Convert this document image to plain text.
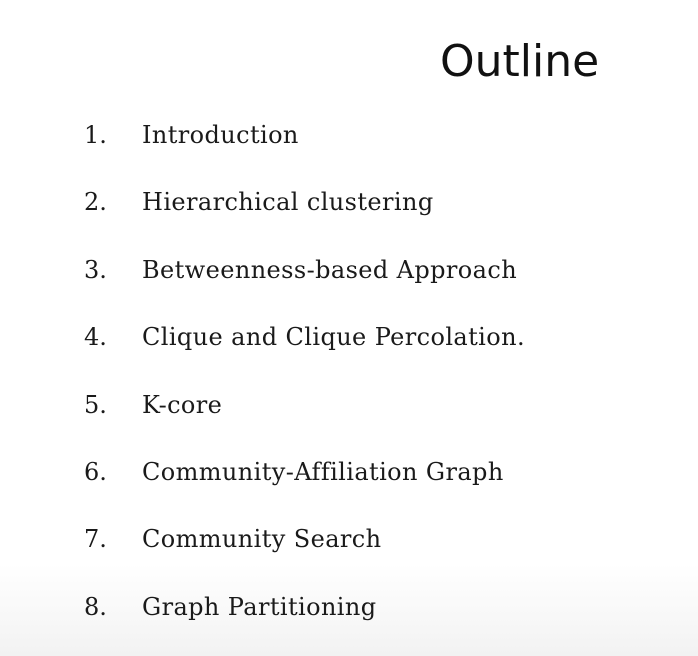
Outline
1.	Introduction
2.	Hierarchical clustering
3.	Betweenness-based Approach
4.	Clique and Clique Percolation.
5.	K-core
6.	Community-Affiliation Graph
7.	Community Search
8.	Graph Partitioning
